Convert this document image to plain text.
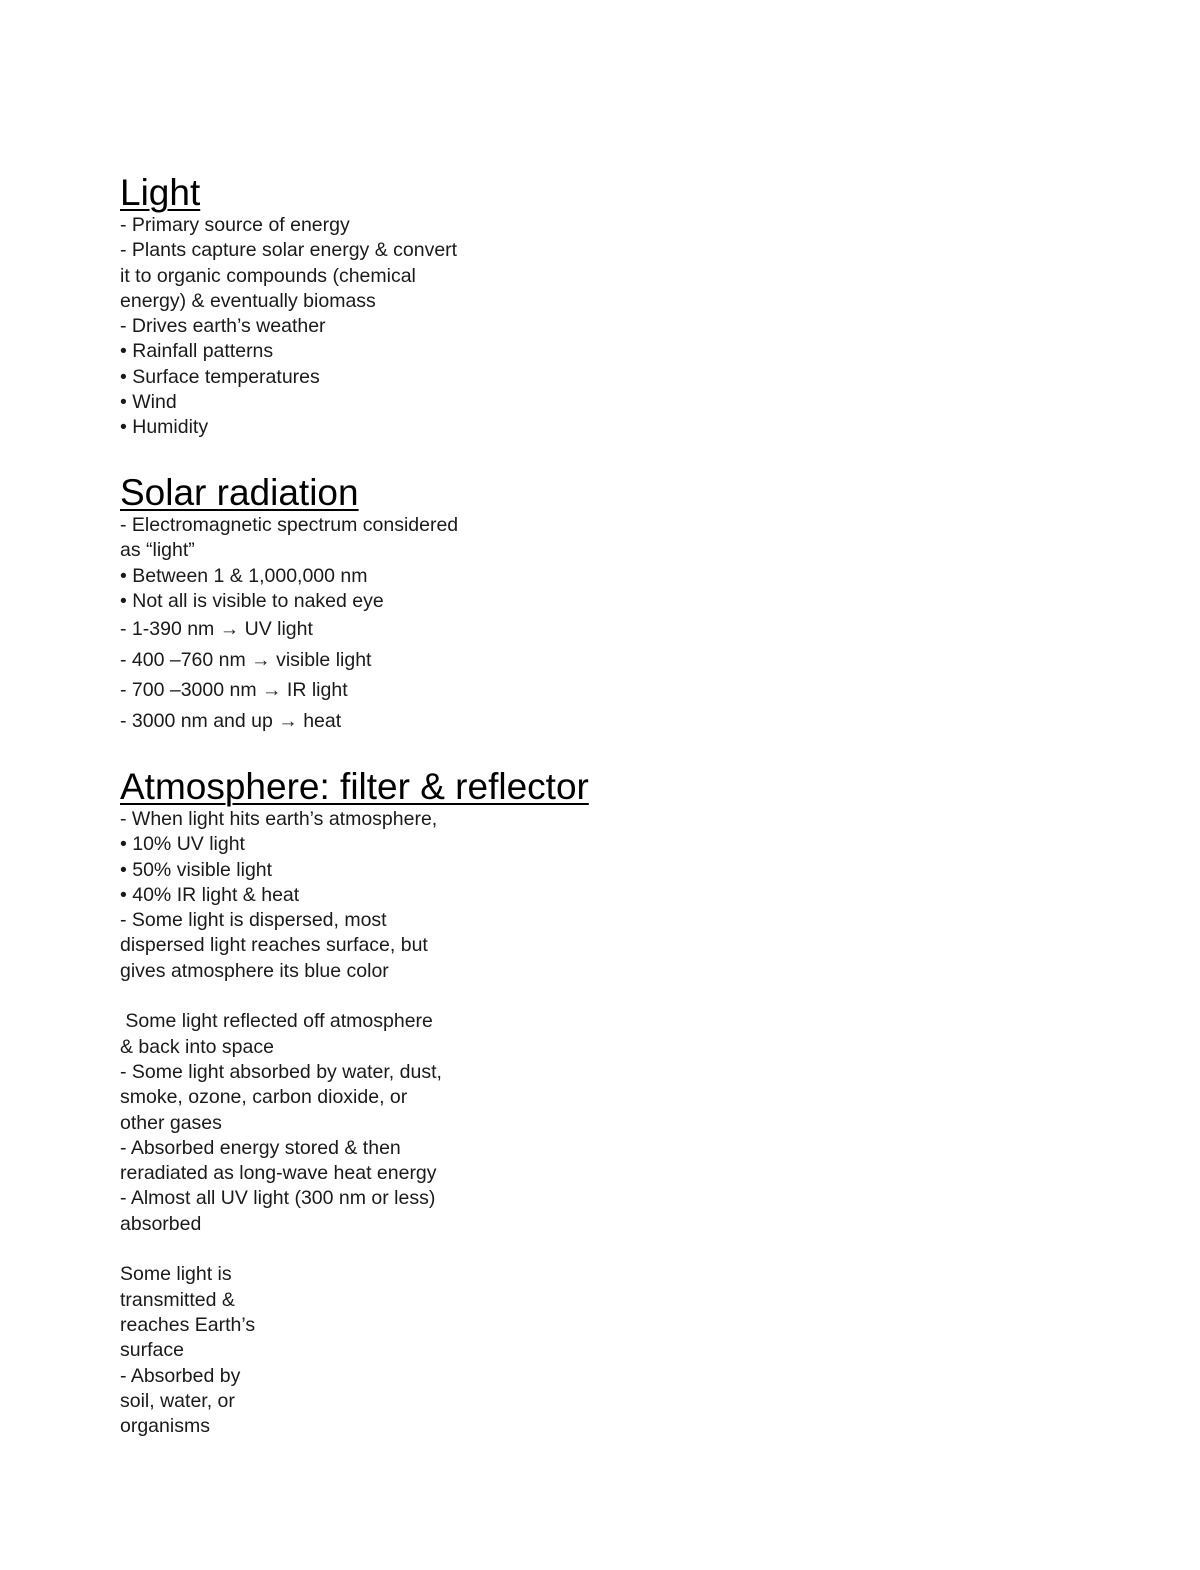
Light
- Primary source of energy
- Plants capture solar energy & convert
it to organic compounds (chemical
energy) & eventually biomass
- Drives earth’s weather
• Rainfall patterns
• Surface temperatures
• Wind
• Humidity
Solar radiation
- Electromagnetic spectrum considered
as “light”
• Between 1 & 1,000,000 nm
• Not all is visible to naked eye
- 1-390 nm → UV light
- 400 –760 nm → visible light
- 700 –3000 nm → IR light
- 3000 nm and up → heat
Atmosphere: filter & reflector
- When light hits earth’s atmosphere,
• 10% UV light
• 50% visible light
• 40% IR light & heat
- Some light is dispersed, most
dispersed light reaches surface, but
gives atmosphere its blue color
Some light reflected off atmosphere
& back into space
- Some light absorbed by water, dust,
smoke, ozone, carbon dioxide, or
other gases
- Absorbed energy stored & then
reradiated as long-wave heat energy
- Almost all UV light (300 nm or less)
absorbed
Some light is
transmitted &
reaches Earth’s
surface
- Absorbed by
soil, water, or
organisms
